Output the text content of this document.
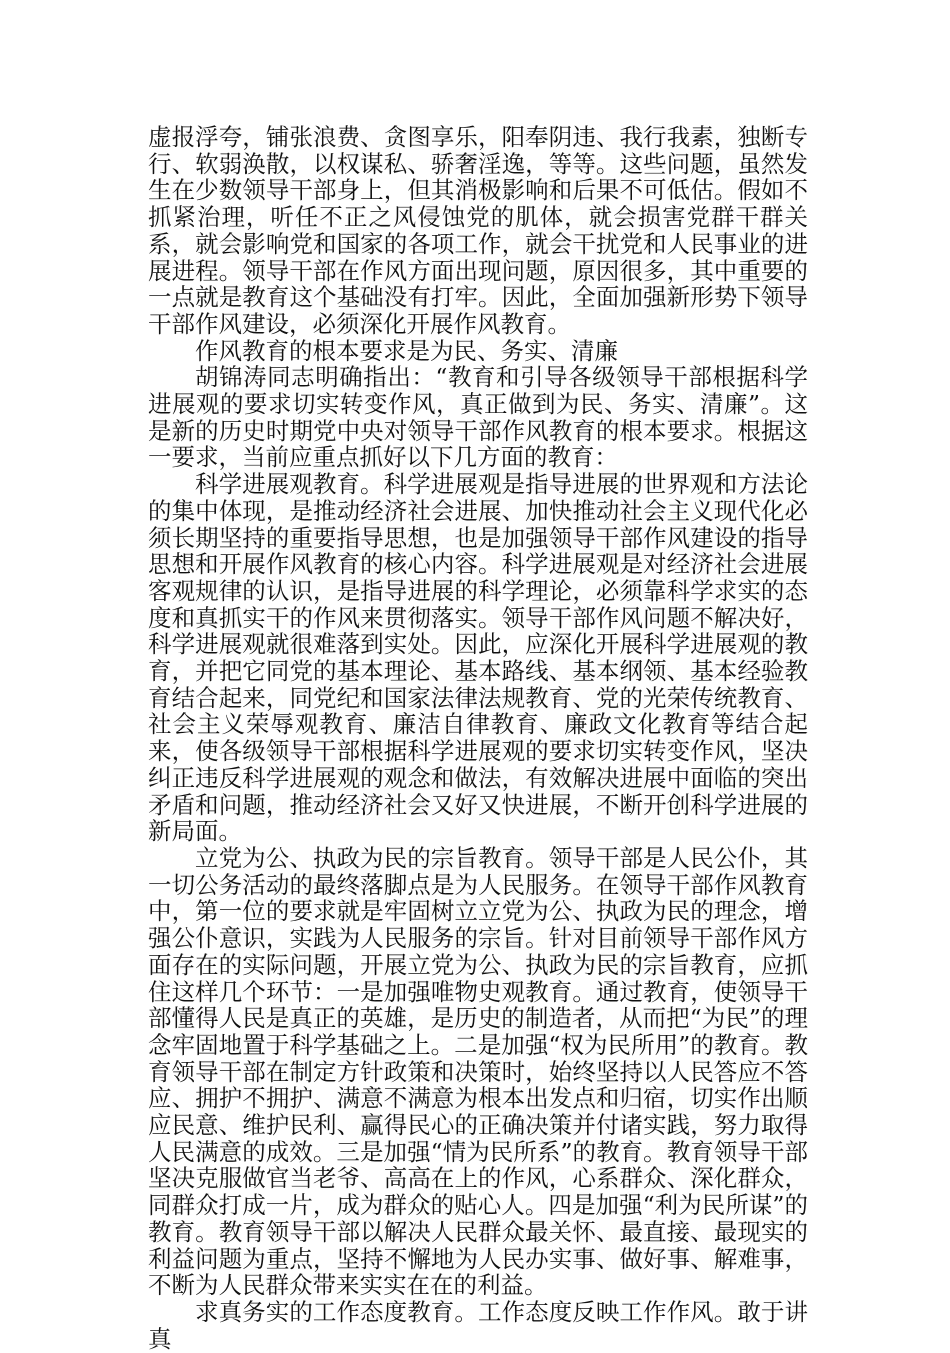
虚报浮夸，铺张浪费、贪图享乐，阳奉阴违、我行我素，独断专行、软弱涣散，以权谋私、骄奢淫逸，等等。这些问题，虽然发生在少数领导干部身上，但其消极影响和后果不可低估。假如不抓紧治理，听任不正之风侵蚀党的肌体，就会损害党群干群关系，就会影响党和国家的各项工作，就会干扰党和人民事业的进展进程。领导干部在作风方面出现问题，原因很多，其中重要的一点就是教育这个基础没有打牢。因此，全面加强新形势下领导干部作风建设，必须深化开展作风教育。

作风教育的根本要求是为民、务实、清廉

胡锦涛同志明确指出：“教育和引导各级领导干部根据科学进展观的要求切实转变作风，真正做到为民、务实、清廉”。这是新的历史时期党中央对领导干部作风教育的根本要求。根据这一要求，当前应重点抓好以下几方面的教育：

科学进展观教育。科学进展观是指导进展的世界观和方法论的集中体现，是推动经济社会进展、加快推动社会主义现代化必须长期坚持的重要指导思想，也是加强领导干部作风建设的指导思想和开展作风教育的核心内容。科学进展观是对经济社会进展客观规律的认识，是指导进展的科学理论，必须靠科学求实的态度和真抓实干的作风来贯彻落实。领导干部作风问题不解决好，科学进展观就很难落到实处。因此，应深化开展科学进展观的教育，并把它同党的基本理论、基本路线、基本纲领、基本经验教育结合起来，同党纪和国家法律法规教育、党的光荣传统教育、社会主义荣辱观教育、廉洁自律教育、廉政文化教育等结合起来，使各级领导干部根据科学进展观的要求切实转变作风，坚决纠正违反科学进展观的观念和做法，有效解决进展中面临的突出矛盾和问题，推动经济社会又好又快进展，不断开创科学进展的新局面。

立党为公、执政为民的宗旨教育。领导干部是人民公仆，其一切公务活动的最终落脚点是为人民服务。在领导干部作风教育中，第一位的要求就是牢固树立立党为公、执政为民的理念，增强公仆意识，实践为人民服务的宗旨。针对目前领导干部作风方面存在的实际问题，开展立党为公、执政为民的宗旨教育，应抓住这样几个环节：一是加强唯物史观教育。通过教育，使领导干部懂得人民是真正的英雄，是历史的制造者，从而把“为民”的理念牢固地置于科学基础之上。二是加强“权为民所用”的教育。教育领导干部在制定方针政策和决策时，始终坚持以人民答应不答应、拥护不拥护、满意不满意为根本出发点和归宿，切实作出顺应民意、维护民利、赢得民心的正确决策并付诸实践，努力取得人民满意的成效。三是加强“情为民所系”的教育。教育领导干部坚决克服做官当老爷、高高在上的作风，心系群众、深化群众，同群众打成一片，成为群众的贴心人。四是加强“利为民所谋”的教育。教育领导干部以解决人民群众最关怀、最直接、最现实的利益问题为重点，坚持不懈地为人民办实事、做好事、解难事，不断为人民群众带来实实在在的利益。

求真务实的工作态度教育。工作态度反映工作作风。敢于讲真
